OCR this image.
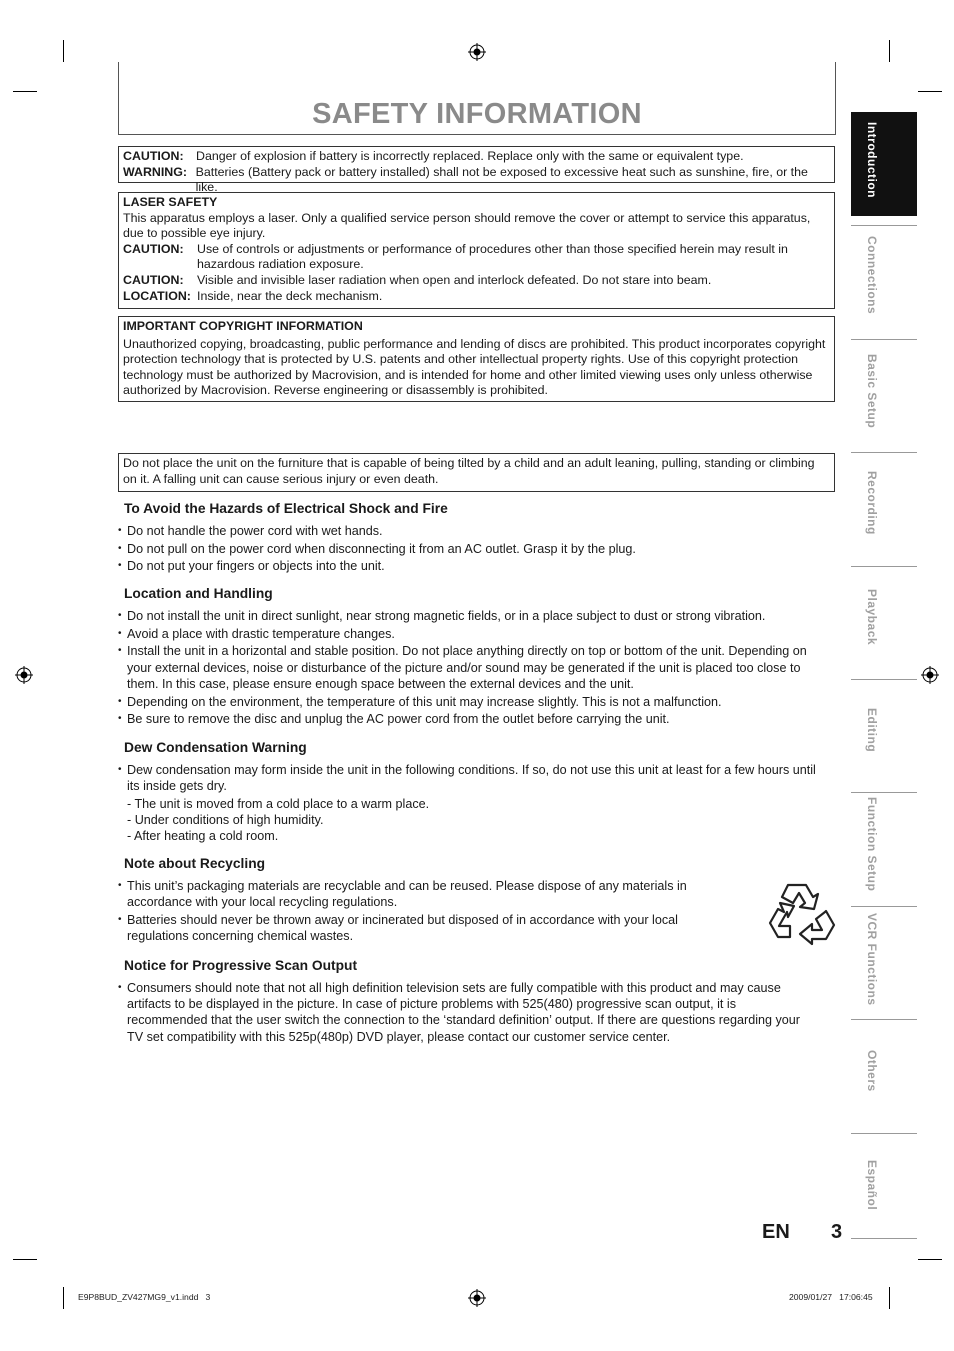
SAFETY INFORMATION
CAUTION:	Danger of explosion if battery is incorrectly replaced. Replace only with the same or equivalent type.
WARNING: Batteries (Battery pack or battery installed) shall not be exposed to excessive heat such as sunshine, fire, or the like.
LASER SAFETY
This apparatus employs a laser. Only a qualified service person should remove the cover or attempt to service this apparatus, due to possible eye injury.
CAUTION:	Use of controls or adjustments or performance of procedures other than those specified herein may result in hazardous radiation exposure.
CAUTION:	Visible and invisible laser radiation when open and interlock defeated. Do not stare into beam.
LOCATION: Inside, near the deck mechanism.
IMPORTANT COPYRIGHT INFORMATION
Unauthorized copying, broadcasting, public performance and lending of discs are prohibited. This product incorporates copyright protection technology that is protected by U.S. patents and other intellectual property rights. Use of this copyright protection technology must be authorized by Macrovision, and is intended for home and other limited viewing uses only unless otherwise authorized by Macrovision. Reverse engineering or disassembly is prohibited.
Do not place the unit on the furniture that is capable of being tilted by a child and an adult leaning, pulling, standing or climbing on it. A falling unit can cause serious injury or even death.
To Avoid the Hazards of Electrical Shock and Fire
• Do not handle the power cord with wet hands.
• Do not pull on the power cord when disconnecting it from an AC outlet. Grasp it by the plug.
• Do not put your fingers or objects into the unit.
Location and Handling
• Do not install the unit in direct sunlight, near strong magnetic fields, or in a place subject to dust or strong vibration.
• Avoid a place with drastic temperature changes.
• Install the unit in a horizontal and stable position. Do not place anything directly on top or bottom of the unit. Depending on your external devices, noise or disturbance of the picture and/or sound may be generated if the unit is placed too close to them. In this case, please ensure enough space between the external devices and the unit.
• Depending on the environment, the temperature of this unit may increase slightly. This is not a malfunction.
• Be sure to remove the disc and unplug the AC power cord from the outlet before carrying the unit.
Dew Condensation Warning
• Dew condensation may form inside the unit in the following conditions. If so, do not use this unit at least for a few hours until its inside gets dry.
- The unit is moved from a cold place to a warm place.
- Under conditions of high humidity.
- After heating a cold room.
Note about Recycling
• This unit’s packaging materials are recyclable and can be reused. Please dispose of any materials in accordance with your local recycling regulations.
• Batteries should never be thrown away or incinerated but disposed of in accordance with your local regulations concerning chemical wastes.
Notice for Progressive Scan Output
• Consumers should note that not all high definition television sets are fully compatible with this product and may cause artifacts to be displayed in the picture. In case of picture problems with 525(480) progressive scan output, it is recommended that the user switch the connection to the ‘standard definition’ output. If there are questions regarding your TV set compatibility with this 525p(480p) DVD player, please contact our customer service center.
Introduction
Connections
Basic Setup
Recording
Playback
Editing
Function Setup
VCR Functions
Others
Español
EN 3
E9P8BUD_ZV427MG9_v1.indd   3	2009/01/27   17:06:45
